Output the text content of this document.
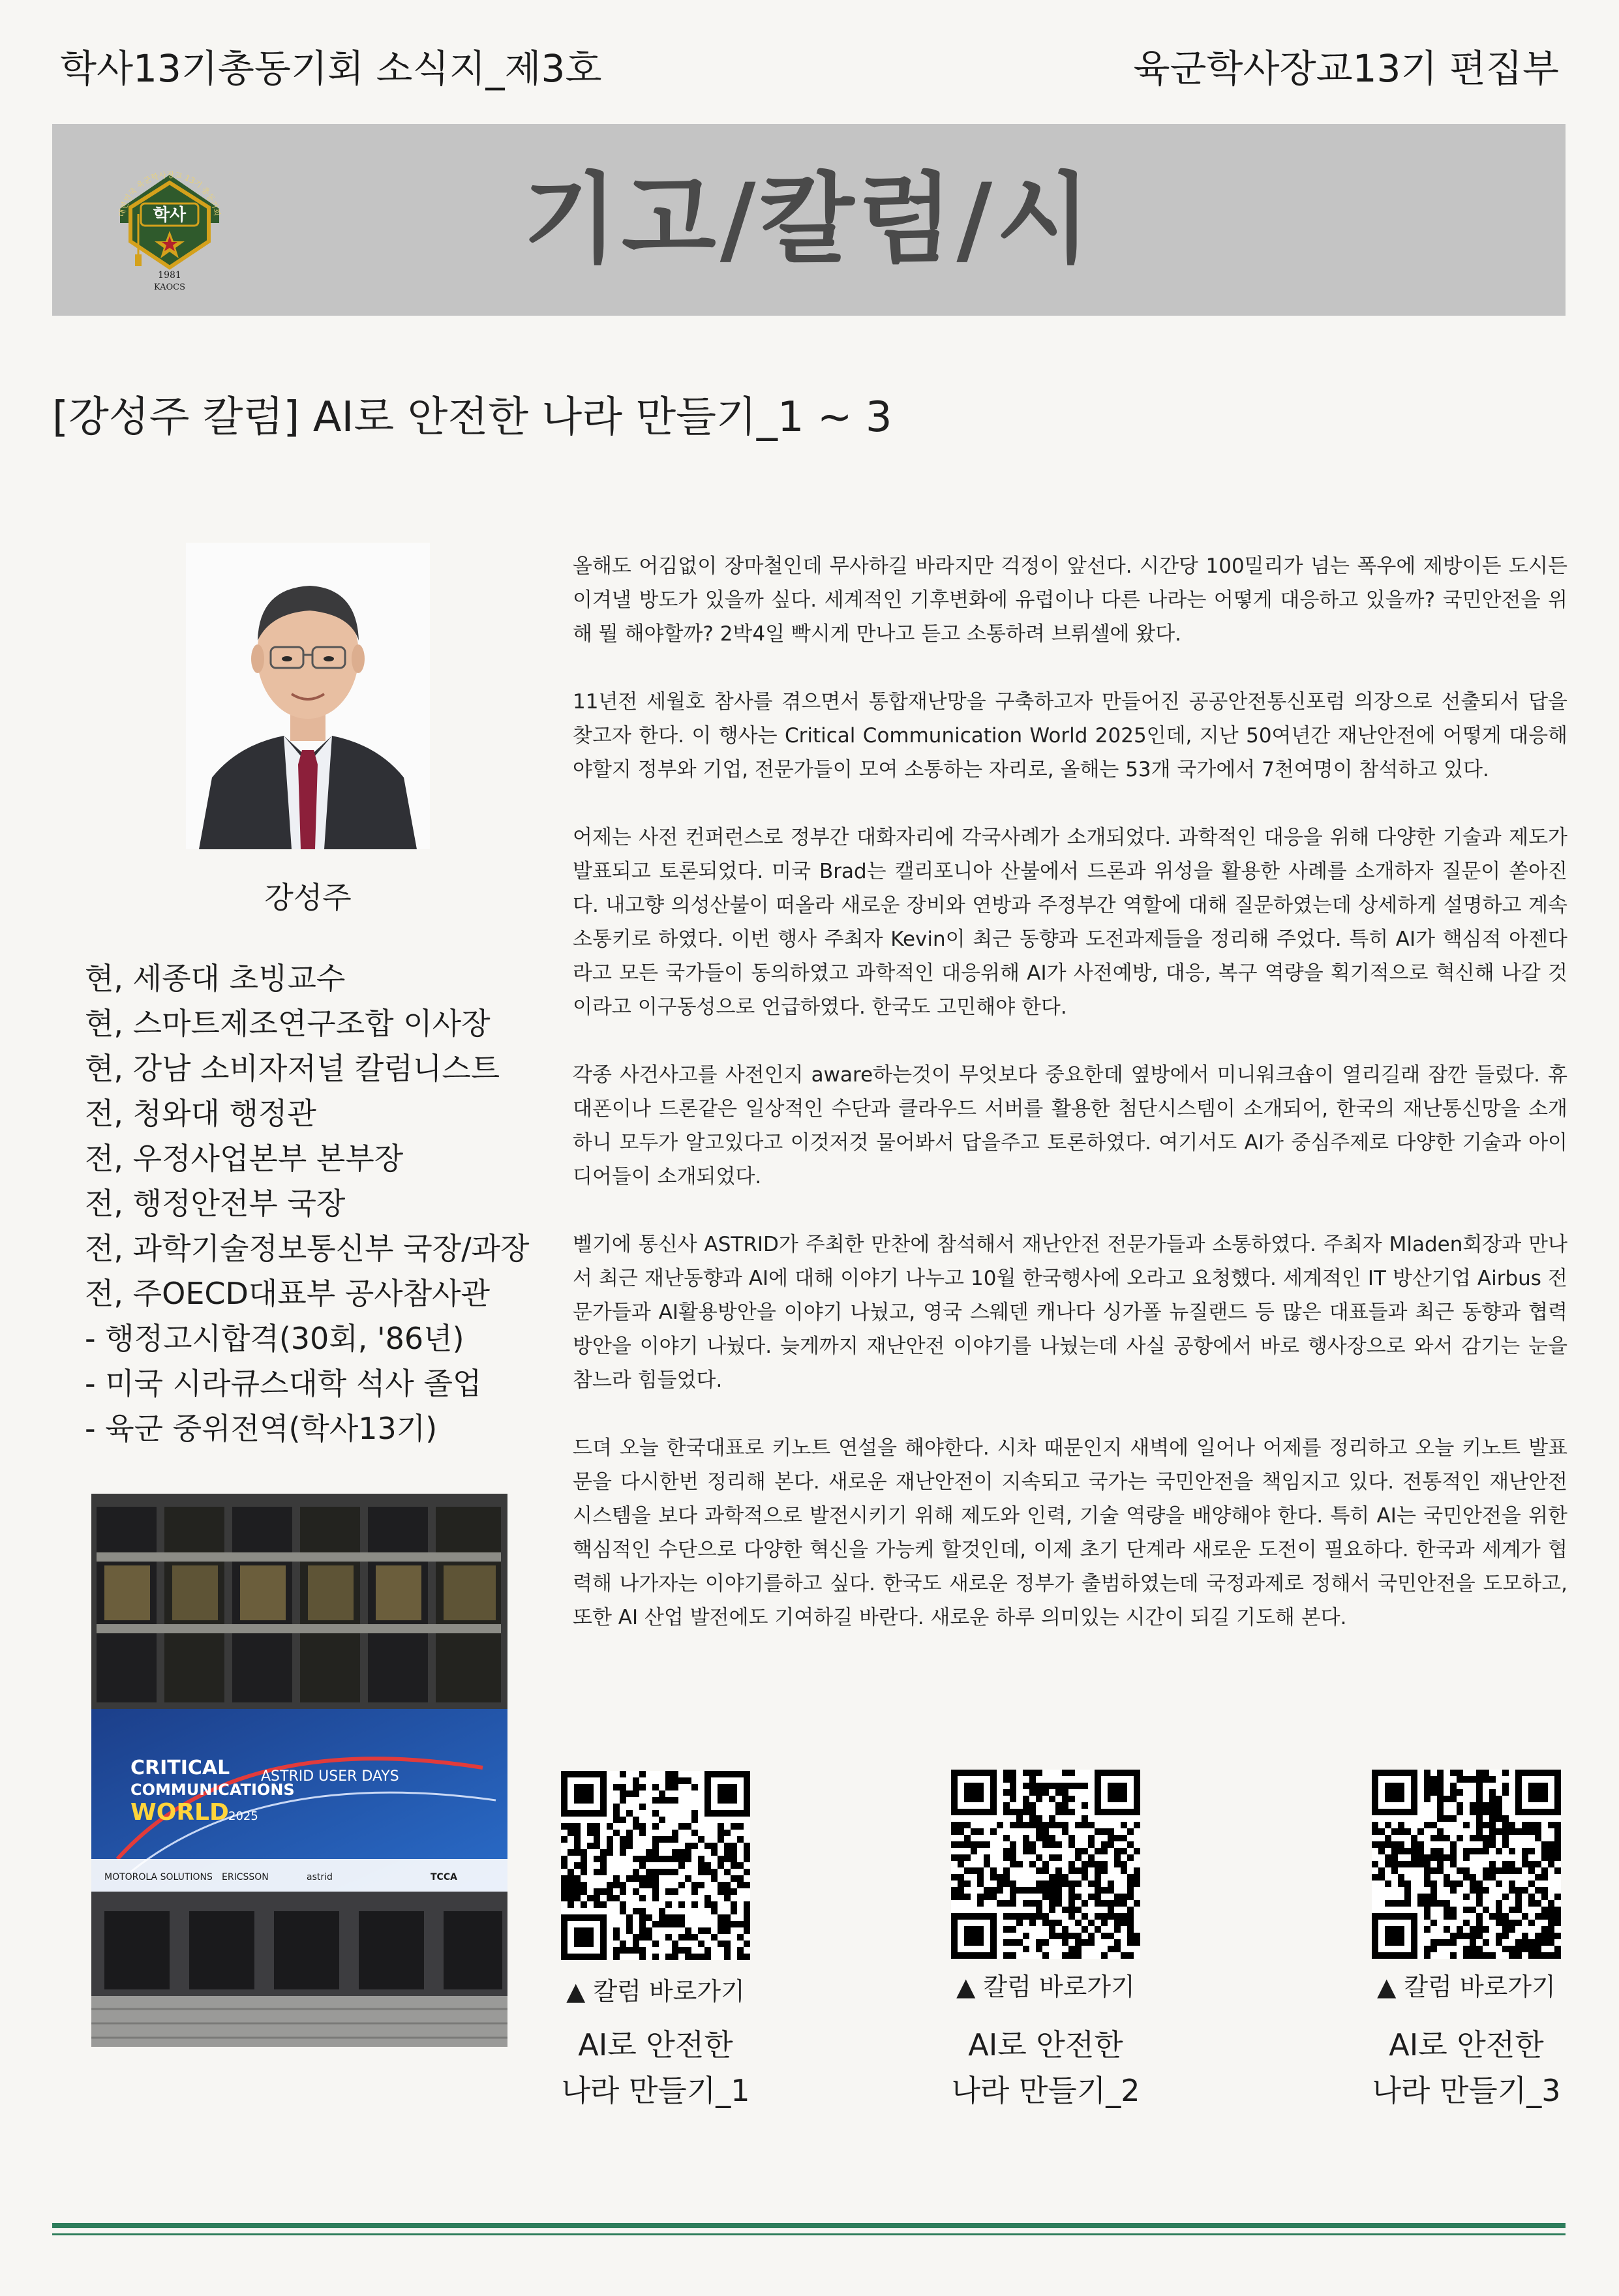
학사13기총동기회 소식지_제3호	육군학사장교13기 편집부
기고/칼럼/시
대한민국 육군학사장교 13기 총동기회
학사
1981
KAOCS
[강성주 칼럼] AI로 안전한 나라 만들기_1 ~ 3
강성주
현, 세종대 초빙교수
현, 스마트제조연구조합 이사장
현, 강남 소비자저널 칼럼니스트
전, 청와대 행정관
전, 우정사업본부 본부장
전, 행정안전부 국장
전, 과학기술정보통신부 국장/과장
전, 주OECD대표부 공사참사관
- 행정고시합격(30회, '86년)
- 미국 시라큐스대학 석사 졸업
- 육군 중위전역(학사13기)
CRITICAL
COMMUNICATIONS
WORLD 2025
ASTRID USER DAYS
MOTOROLA SOLUTIONS ERICSSON	astrid	TCCA

올해도 어김없이 장마철인데 무사하길 바라지만 걱정이 앞선다. 시간당 100밀리가 넘는 폭우에 제방이든 도시든 이겨낼 방도가 있을까 싶다. 세계적인 기후변화에 유럽이나 다른 나라는 어떻게 대응하고 있을까? 국민안전을 위해 뭘 해야할까? 2박4일 빡시게 만나고 듣고 소통하려 브뤼셀에 왔다.

11년전 세월호 참사를 겪으면서 통합재난망을 구축하고자 만들어진 공공안전통신포럼 의장으로 선출되서 답을 찾고자 한다. 이 행사는 Critical Communication World 2025인데, 지난 50여년간 재난안전에 어떻게 대응해야할지 정부와 기업, 전문가들이 모여 소통하는 자리로, 올해는 53개 국가에서 7천여명이 참석하고 있다.

어제는 사전 컨퍼런스로 정부간 대화자리에 각국사례가 소개되었다. 과학적인 대응을 위해 다양한 기술과 제도가 발표되고 토론되었다. 미국 Brad는 캘리포니아 산불에서 드론과 위성을 활용한 사례를 소개하자 질문이 쏟아진다. 내고향 의성산불이 떠올라 새로운 장비와 연방과 주정부간 역할에 대해 질문하였는데 상세하게 설명하고 계속 소통키로 하였다. 이번 행사 주최자 Kevin이 최근 동향과 도전과제들을 정리해 주었다. 특히 AI가 핵심적 아젠다라고 모든 국가들이 동의하였고 과학적인 대응위해 AI가 사전예방, 대응, 복구 역량을 획기적으로 혁신해 나갈 것이라고 이구동성으로 언급하였다. 한국도 고민해야 한다.

각종 사건사고를 사전인지 aware하는것이 무엇보다 중요한데 옆방에서 미니워크숍이 열리길래 잠깐 들렀다. 휴대폰이나 드론같은 일상적인 수단과 클라우드 서버를 활용한 첨단시스템이 소개되어, 한국의 재난통신망을 소개하니 모두가 알고있다고 이것저것 물어봐서 답을주고 토론하였다. 여기서도 AI가 중심주제로 다양한 기술과 아이디어들이 소개되었다.

벨기에 통신사 ASTRID가 주최한 만찬에 참석해서 재난안전 전문가들과 소통하였다. 주최자 Mladen회장과 만나서 최근 재난동향과 AI에 대해 이야기 나누고 10월 한국행사에 오라고 요청했다. 세계적인 IT 방산기업 Airbus 전문가들과 AI활용방안을 이야기 나눴고, 영국 스웨덴 캐나다 싱가폴 뉴질랜드 등 많은 대표들과 최근 동향과 협력방안을 이야기 나눴다. 늦게까지 재난안전 이야기를 나눴는데 사실 공항에서 바로 행사장으로 와서 감기는 눈을 참느라 힘들었다.

드뎌 오늘 한국대표로 키노트 연설을 해야한다. 시차 때문인지 새벽에 일어나 어제를 정리하고 오늘 키노트 발표문을 다시한번 정리해 본다. 새로운 재난안전이 지속되고 국가는 국민안전을 책임지고 있다. 전통적인 재난안전 시스템을 보다 과학적으로 발전시키기 위해 제도와 인력, 기술 역량을 배양해야 한다. 특히 AI는 국민안전을 위한 핵심적인 수단으로 다양한 혁신을 가능케 할것인데, 이제 초기 단계라 새로운 도전이 필요하다. 한국과 세계가 협력해 나가자는 이야기를하고 싶다. 한국도 새로운 정부가 출범하였는데 국정과제로 정해서 국민안전을 도모하고, 또한 AI 산업 발전에도 기여하길 바란다. 새로운 하루 의미있는 시간이 되길 기도해 본다.

▲ 칼럼 바로가기
AI로 안전한
나라 만들기_1
▲ 칼럼 바로가기
AI로 안전한
나라 만들기_2
▲ 칼럼 바로가기
AI로 안전한
나라 만들기_3
